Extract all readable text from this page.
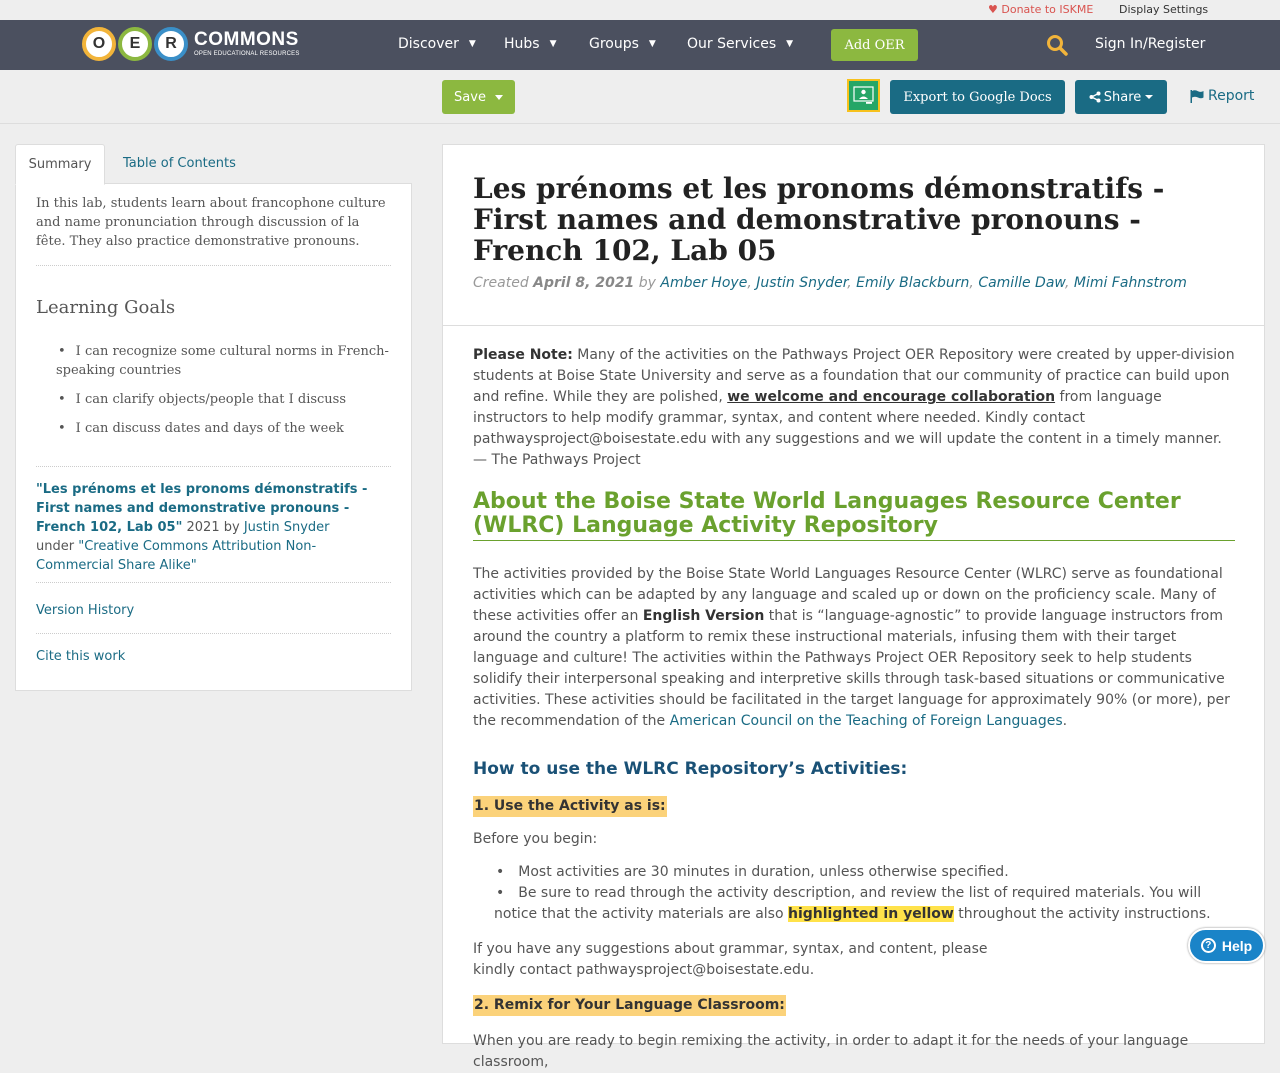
♥ Donate to ISKME Display Settings
O	E	R COMMONS
OPEN EDUCATIONAL RESOURCES
Discover ▼ Hubs ▼ Groups ▼ Our Services ▼	Add OER	Sign In/Register
Save	Export to Google Docs	Share	Report
Summary	Table of Contents
In this lab, students learn about francophone culture and name pronunciation through discussion of la fête. They also practice demonstrative pronouns.
Learning Goals
• I can recognize some cultural norms in French-speaking countries
• I can clarify objects/people that I discuss
• I can discuss dates and days of the week
"Les prénoms et les pronoms démonstratifs - First names and demonstrative pronouns - French 102, Lab 05" 2021 by Justin Snyder
under "Creative Commons Attribution Non-Commercial Share Alike"
Version History
Cite this work
Les prénoms et les pronoms démonstratifs - First names and demonstrative pronouns - French 102, Lab 05
Created April 8, 2021 by Amber Hoye, Justin Snyder, Emily Blackburn, Camille Daw, Mimi Fahnstrom

Please Note: Many of the activities on the Pathways Project OER Repository were created by upper-division students at Boise State University and serve as a foundation that our community of practice can build upon and refine. While they are polished, we welcome and encourage collaboration from language instructors to help modify grammar, syntax, and content where needed. Kindly contact pathwaysproject@boisestate.edu with any suggestions and we will update the content in a timely manner. — The Pathways Project

About the Boise State World Languages Resource Center (WLRC) Language Activity Repository

The activities provided by the Boise State World Languages Resource Center (WLRC) serve as foundational activities which can be adapted by any language and scaled up or down on the proficiency scale. Many of these activities offer an English Version that is “language-agnostic” to provide language instructors from around the country a platform to remix these instructional materials, infusing them with their target language and culture! The activities within the Pathways Project OER Repository seek to help students solidify their interpersonal speaking and interpretive skills through task-based situations or communicative activities. These activities should be facilitated in the target language for approximately 90% (or more), per the recommendation of the American Council on the Teaching of Foreign Languages.

How to use the WLRC Repository’s Activities:
1. Use the Activity as is:

Before you begin:

• Most activities are 30 minutes in duration, unless otherwise specified.
• Be sure to read through the activity description, and review the list of required materials. You will notice that the activity materials are also highlighted in yellow throughout the activity instructions.

If you have any suggestions about grammar, syntax, and content, please kindly contact pathwaysproject@boisestate.edu.

2. Remix for Your Language Classroom:

When you are ready to begin remixing the activity, in order to adapt it for the needs of your language classroom,

? Help
